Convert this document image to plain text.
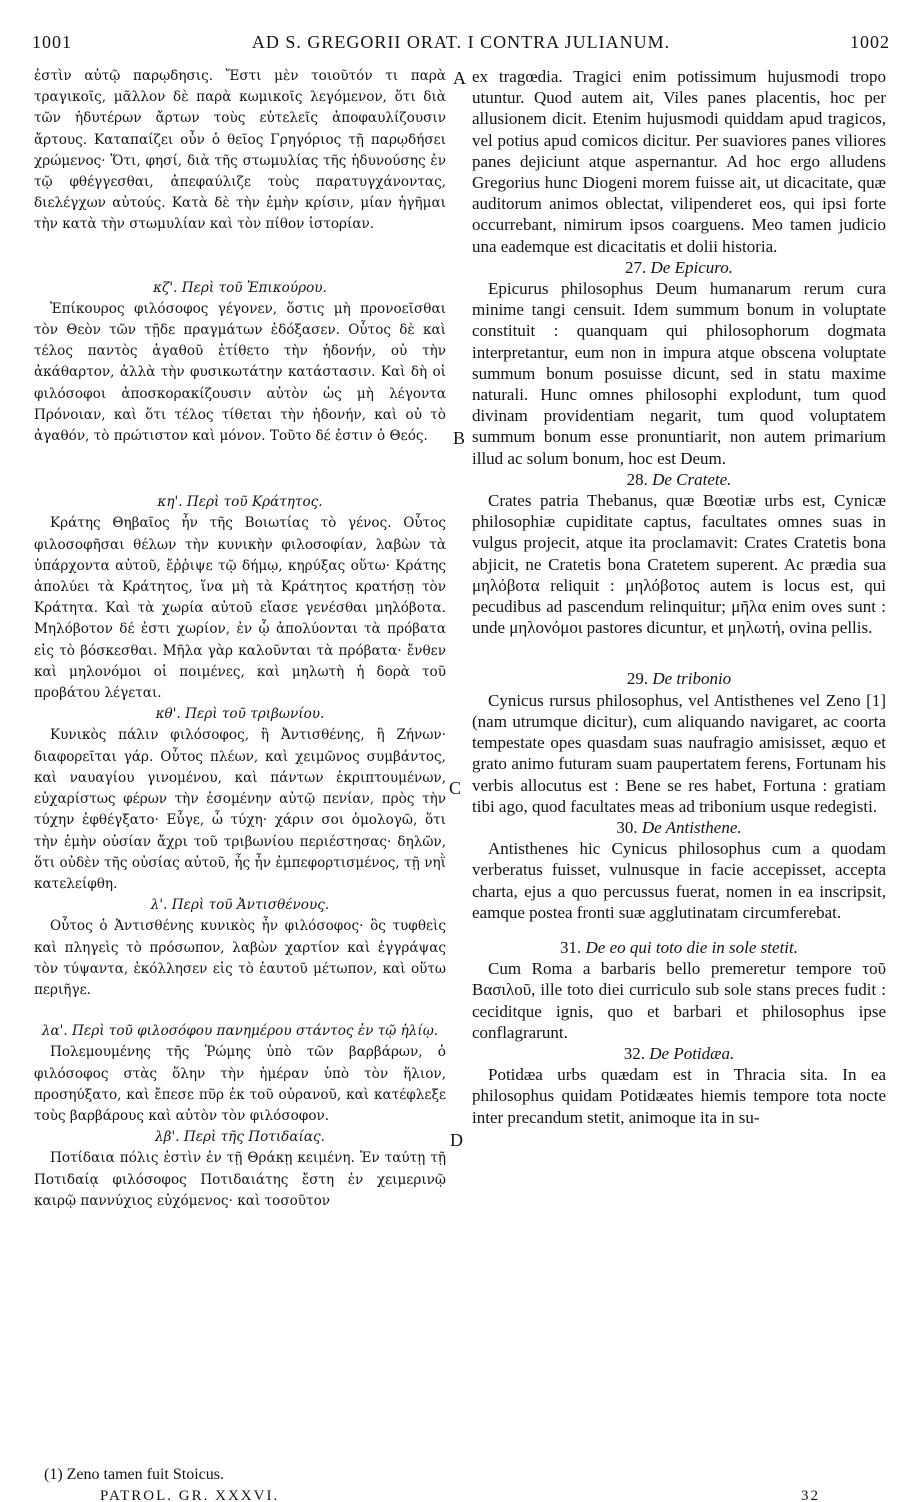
1001	AD S. GREGORII ORAT. I CONTRA JULIANUM.	1002

ἐστὶν αὐτῷ παρῳδησις. Ἔστι μὲν τοιοῦτόν τι παρὰ τραγικοῖς, μᾶλλον δὲ παρὰ κωμικοῖς λεγόμενον, ὅτι διὰ τῶν ἡδυτέρων ἄρτων τοὺς εὐτελεῖς ἀποφαυλίζουσιν ἄρτους. Καταπαίζει οὖν ὁ θεῖος Γρηγόριος τῇ παρῳδήσει χρώμενος· Ὅτι, φησί, διὰ τῆς στωμυλίας τῆς ἡδυνούσης ἐν τῷ φθέγγεσθαι, ἀπεφαύλιζε τοὺς παρατυγχάνοντας, διελέγχων αὐτούς. Κατὰ δὲ τὴν ἐμὴν κρίσιν, μίαν ἡγῆμαι τὴν κατὰ τὴν στωμυλίαν καὶ τὸν πίθον ἱστορίαν.

κζ'. Περὶ τοῦ Ἐπικούρου.

Ἐπίκουρος φιλόσοφος γέγονεν, ὅστις μὴ προνοεῖσθαι τὸν Θεὸν τῶν τῇδε πραγμάτων ἐδόξασεν. Οὗτος δὲ καὶ τέλος παντὸς ἀγαθοῦ ἐτίθετο τὴν ἡδονήν, οὐ τὴν ἀκάθαρτον, ἀλλὰ τὴν φυσικωτάτην κατάστασιν. Καὶ δὴ οἱ φιλόσοφοι ἀποσκορακίζουσιν αὐτὸν ὡς μὴ λέγοντα Πρόνοιαν, καὶ ὅτι τέλος τίθεται τὴν ἡδονήν, καὶ οὐ τὸ ἀγαθόν, τὸ πρώτιστον καὶ μόνον. Τοῦτο δέ ἐστιν ὁ Θεός.

κη'. Περὶ τοῦ Κράτητος.

Κράτης Θηβαῖος ἦν τῆς Βοιωτίας τὸ γένος. Οὗτος φιλοσοφῆσαι θέλων τὴν κυνικὴν φιλοσοφίαν, λαβὼν τὰ ὑπάρχοντα αὐτοῦ, ἔῤῥιψε τῷ δήμῳ, κηρύξας οὕτω· Κράτης ἀπολύει τὰ Κράτητος, ἵνα μὴ τὰ Κράτητος κρατήσῃ τὸν Κράτητα. Καὶ τὰ χωρία αὐτοῦ εἴασε γενέσθαι μηλόβοτα. Μηλόβοτον δέ ἐστι χωρίον, ἐν ᾧ ἀπολύονται τὰ πρόβατα εἰς τὸ βόσκεσθαι. Μῆλα γὰρ καλοῦνται τὰ πρόβατα· ἔνθεν καὶ μηλονόμοι οἱ ποιμένες, καὶ μηλωτὴ ἡ δορὰ τοῦ προβάτου λέγεται.

κθ'. Περὶ τοῦ τριβωνίου.

Κυνικὸς πάλιν φιλόσοφος, ἢ Ἀντισθένης, ἢ Ζήνων· διαφορεῖται γάρ. Οὗτος πλέων, καὶ χειμῶνος συμβάντος, καὶ ναυαγίου γινομένου, καὶ πάντων ἐκριπτουμένων, εὐχαρίστως φέρων τὴν ἐσομένην αὐτῷ πενίαν, πρὸς τὴν τύχην ἐφθέγξατο· Εὖγε, ὦ τύχη· χάριν σοι ὁμολογῶ, ὅτι τὴν ἐμὴν οὐσίαν ἄχρι τοῦ τριβωνίου περιέστησας· δηλῶν, ὅτι οὐδὲν τῆς οὐσίας αὐτοῦ, ἧς ἦν ἐμπεφορτισμένος, τῇ νηῒ κατελείφθη.

λ'. Περὶ τοῦ Ἀντισθένους.

Οὗτος ὁ Ἀντισθένης κυνικὸς ἦν φιλόσοφος· ὃς τυφθεὶς καὶ πληγεὶς τὸ πρόσωπον, λαβὼν χαρτίον καὶ ἐγγράψας τὸν τύψαντα, ἐκόλλησεν εἰς τὸ ἑαυτοῦ μέτωπον, καὶ οὕτω περιῆγε.

λα'. Περὶ τοῦ φιλοσόφου πανημέρου στάντος ἐν τῷ ἡλίῳ.

Πολεμουμένης τῆς Ῥώμης ὑπὸ τῶν βαρβάρων, ὁ φιλόσοφος στὰς ὅλην τὴν ἡμέραν ὑπὸ τὸν ἥλιον, προσηύξατο, καὶ ἔπεσε πῦρ ἐκ τοῦ οὐρανοῦ, καὶ κατέφλεξε τοὺς βαρβάρους καὶ αὐτὸν τὸν φιλόσοφον.

λβ'. Περὶ τῆς Ποτιδαίας.

Ποτίδαια πόλις ἐστὶν ἐν τῇ Θράκῃ κειμένη. Ἐν ταύτῃ τῇ Ποτιδαίᾳ φιλόσοφος Ποτιδαιάτης ἔστη ἐν χειμερινῷ καιρῷ παννύχιος εὐχόμενος· καὶ τοσοῦτον

ex tragœdia. Tragici enim potissimum hujusmodi tropo utuntur. Quod autem ait, Viles panes placentis, hoc per allusionem dicit. Etenim hujusmodi quiddam apud tragicos, vel potius apud comicos dicitur. Per suaviores panes viliores panes dejiciunt atque aspernantur. Ad hoc ergo alludens Gregorius hunc Diogeni morem fuisse ait, ut dicacitate, quæ auditorum animos oblectat, vilipenderet eos, qui ipsi forte occurrebant, nimirum ipsos coarguens. Meo tamen judicio una eademque est dicacitatis et dolii historia.

27. De Epicuro.

Epicurus philosophus Deum humanarum rerum cura minime tangi censuit. Idem summum bonum in voluptate constituit : quanquam qui philosophorum dogmata interpretantur, eum non in impura atque obscena voluptate summum bonum posuisse dicunt, sed in statu maxime naturali. Hunc omnes philosophi explodunt, tum quod divinam providentiam negarit, tum quod voluptatem summum bonum esse pronuntiarit, non autem primarium illud ac solum bonum, hoc est Deum.

28. De Cratete.

Crates patria Thebanus, quæ Bœotiæ urbs est, Cynicæ philosophiæ cupiditate captus, facultates omnes suas in vulgus projecit, atque ita proclamavit: Crates Cratetis bona abjicit, ne Cratetis bona Cratetem superent. Ac prædia sua μηλόβοτα reliquit : μηλόβοτος autem is locus est, qui pecudibus ad pascendum relinquitur; μῆλα enim oves sunt : unde μηλονόμοι pastores dicuntur, et μηλωτή, ovina pellis.

29. De tribonio

Cynicus rursus philosophus, vel Antisthenes vel Zeno [1] (nam utrumque dicitur), cum aliquando navigaret, ac coorta tempestate opes quasdam suas naufragio amisisset, æquo et grato animo futuram suam paupertatem ferens, Fortunam his verbis allocutus est : Bene se res habet, Fortuna : gratiam tibi ago, quod facultates meas ad tribonium usque redegisti.

30. De Antisthene.

Antisthenes hic Cynicus philosophus cum a quodam verberatus fuisset, vulnusque in facie accepisset, accepta charta, ejus a quo percussus fuerat, nomen in ea inscripsit, eamque postea fronti suæ agglutinatam circumferebat.

31. De eo qui toto die in sole stetit.

Cum Roma a barbaris bello premeretur tempore τοῦ Βασιλοῦ, ille toto diei curriculo sub sole stans preces fudit : ceciditque ignis, quo et barbari et philosophus ipse conflagrarunt.

32. De Potidæa.

Potidæa urbs quædam est in Thracia sita. In ea philosophus quidam Potidæates hiemis tempore tota nocte inter precandum stetit, animoque ita in su-

A
B
C
D
(1) Zeno tamen fuit Stoicus.
PATROL. GR. XXXVI.	32
